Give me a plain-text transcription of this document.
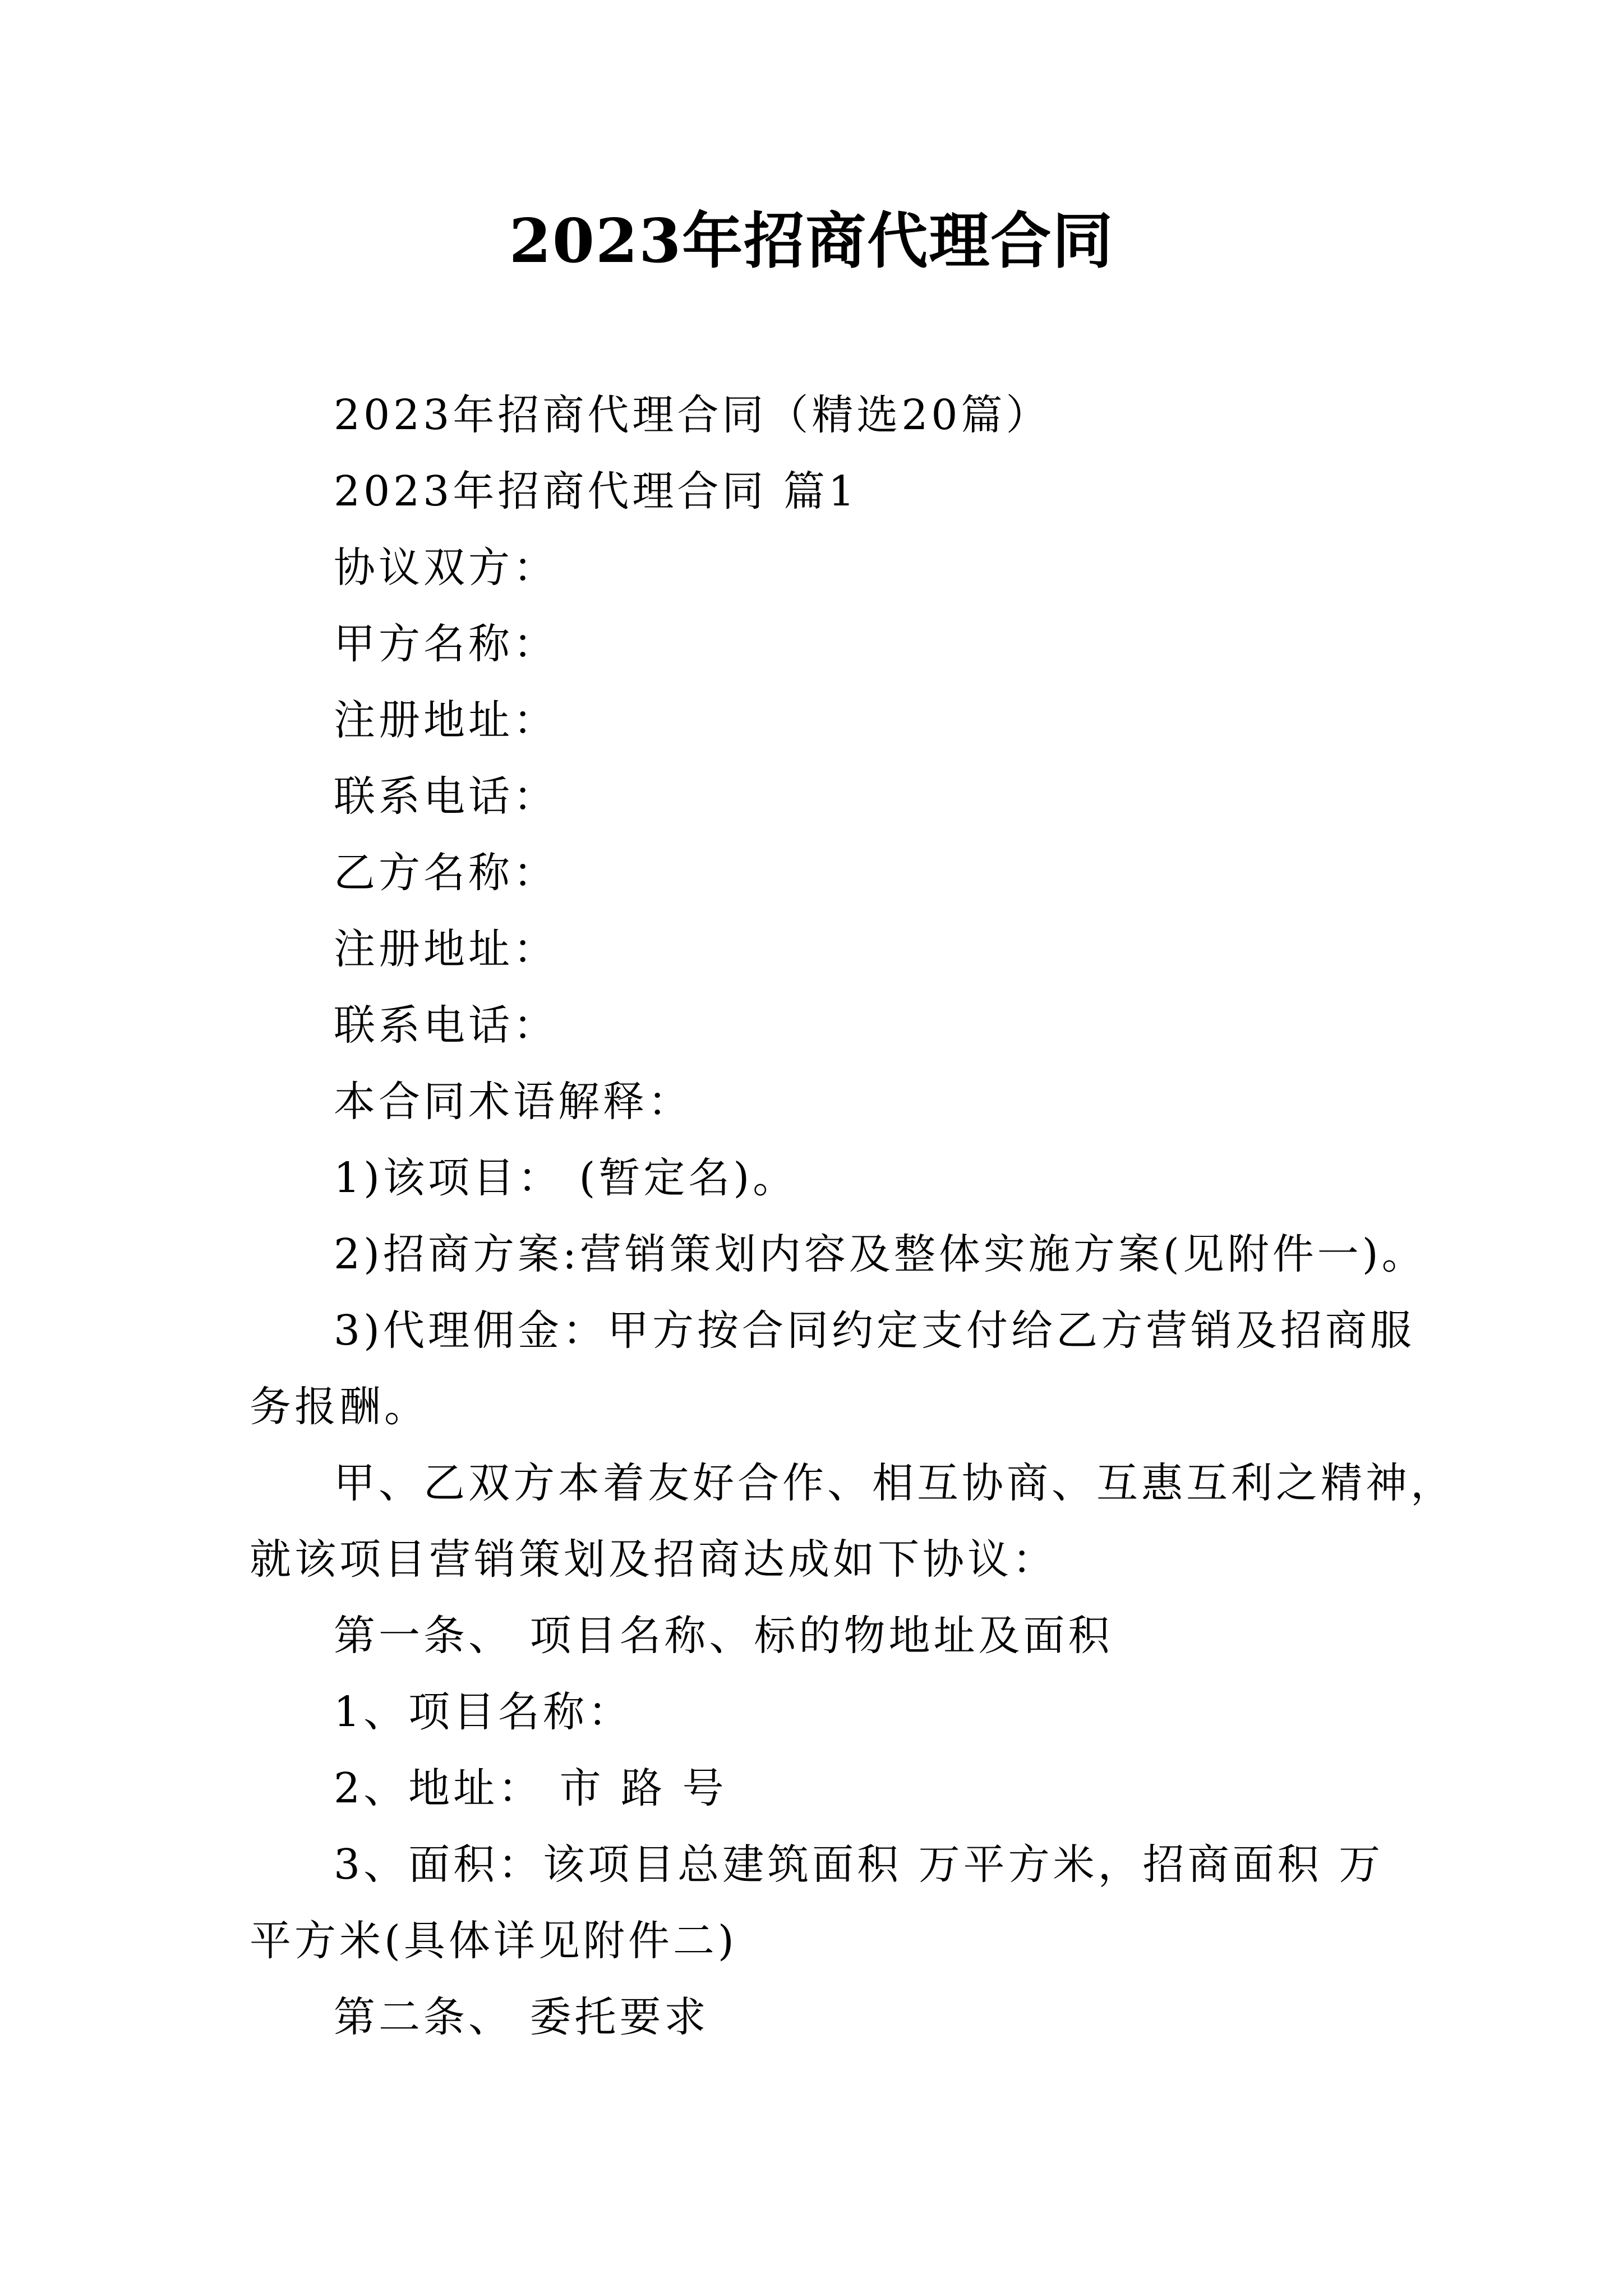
2023年招商代理合同
2023年招商代理合同（精选20篇）
2023年招商代理合同 篇1
协议双方：
甲方名称：
注册地址：
联系电话：
乙方名称：
注册地址：
联系电话：
本合同术语解释：
1)该项目： (暂定名)。
2)招商方案:营销策划内容及整体实施方案(见附件一)。
3)代理佣金：甲方按合同约定支付给乙方营销及招商服
务报酬。
甲、乙双方本着友好合作、相互协商、互惠互利之精神，
就该项目营销策划及招商达成如下协议：
第一条、 项目名称、标的物地址及面积
1、项目名称：
2、地址： 市 路 号
3、面积：该项目总建筑面积 万平方米，招商面积 万
平方米(具体详见附件二)
第二条、 委托要求
